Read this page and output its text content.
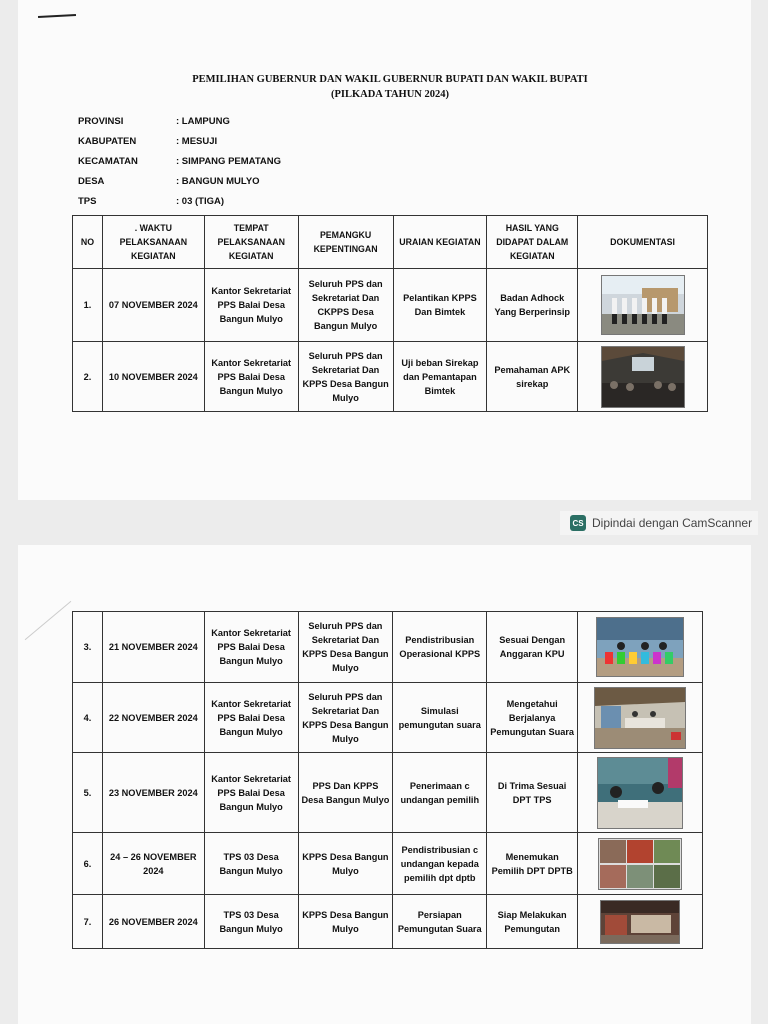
PEMILIHAN GUBERNUR DAN WAKIL GUBERNUR BUPATI DAN WAKIL BUPATI
(PILKADA TAHUN 2024)
PROVINSI	: LAMPUNG
KABUPATEN	: MESUJI
KECAMATAN	: SIMPANG PEMATANG
DESA	: BANGUN MULYO
TPS	: 03 (TIGA)
NO	. WAKTU PELAKSANAAN KEGIATAN	TEMPAT PELAKSANAAN KEGIATAN	PEMANGKU KEPENTINGAN	URAIAN KEGIATAN	HASIL YANG DIDAPAT DALAM KEGIATAN	DOKUMENTASI
1.	07 NOVEMBER 2024	Kantor Sekretariat PPS Balai Desa Bangun Mulyo	Seluruh PPS dan Sekretariat Dan CKPPS Desa Bangun Mulyo	Pelantikan KPPS Dan Bimtek	Badan Adhock Yang Berperinsip	

2.	10 NOVEMBER 2024	Kantor Sekretariat PPS Balai Desa Bangun Mulyo	Seluruh PPS dan Sekretariat Dan KPPS Desa Bangun Mulyo	Uji beban Sirekap dan Pemantapan Bimtek	Pemahaman APK sirekap	
CS Dipindai dengan CamScanner
3.	21 NOVEMBER 2024	Kantor Sekretariat PPS Balai Desa Bangun Mulyo	Seluruh PPS dan Sekretariat Dan KPPS Desa Bangun Mulyo	Pendistribusian Operasional KPPS	Sesuai Dengan Anggaran KPU	

4.	22 NOVEMBER 2024	Kantor Sekretariat PPS Balai Desa Bangun Mulyo	Seluruh PPS dan Sekretariat Dan KPPS Desa Bangun Mulyo	Simulasi pemungutan suara	Mengetahui Berjalanya Pemungutan Suara	

5.	23 NOVEMBER 2024	Kantor Sekretariat PPS Balai Desa Bangun Mulyo	PPS Dan KPPS Desa Bangun Mulyo	Penerimaan c undangan pemilih	Di Trima Sesuai DPT TPS	

6.	24 – 26 NOVEMBER 2024	TPS 03 Desa Bangun Mulyo	KPPS Desa Bangun Mulyo	Pendistribusian c undangan kepada pemilih dpt dptb	Menemukan Pemilih DPT DPTB	

7.	26 NOVEMBER 2024	TPS 03 Desa Bangun Mulyo	KPPS Desa Bangun Mulyo	Persiapan Pemungutan Suara	Siap Melakukan Pemungutan	
